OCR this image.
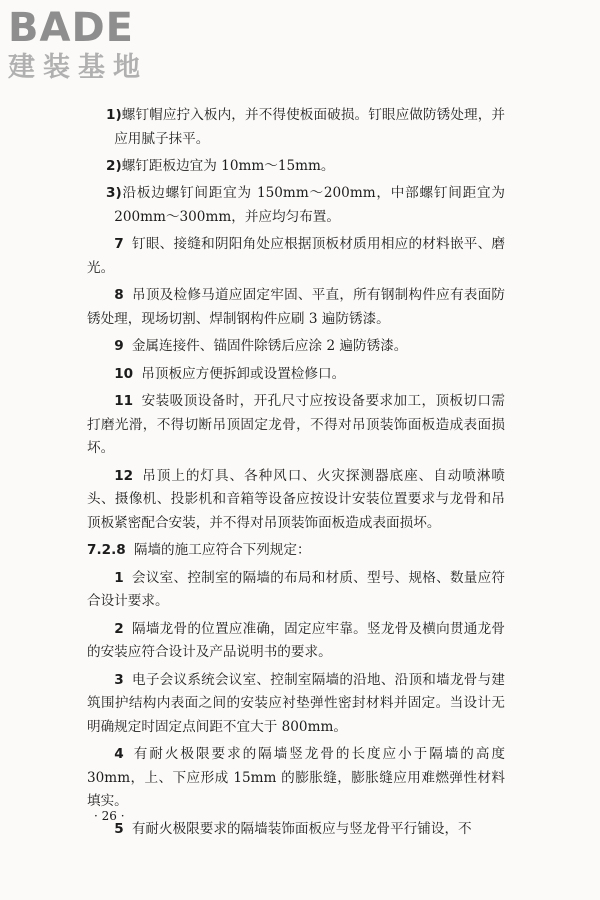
BADE
建装基地

1)螺钉帽应拧入板内，并不得使板面破损。钉眼应做防锈处理，并应用腻子抹平。

2)螺钉距板边宜为 10mm～15mm。

3)沿板边螺钉间距宜为 150mm～200mm，中部螺钉间距宜为 200mm～300mm，并应均匀布置。

7 钉眼、接缝和阴阳角处应根据顶板材质用相应的材料嵌平、磨光。

8 吊顶及检修马道应固定牢固、平直，所有钢制构件应有表面防锈处理，现场切割、焊制钢构件应刷 3 遍防锈漆。

9 金属连接件、锚固件除锈后应涂 2 遍防锈漆。

10 吊顶板应方便拆卸或设置检修口。

11 安装吸顶设备时，开孔尺寸应按设备要求加工，顶板切口需打磨光滑，不得切断吊顶固定龙骨，不得对吊顶装饰面板造成表面损坏。

12 吊顶上的灯具、各种风口、火灾探测器底座、自动喷淋喷头、摄像机、投影机和音箱等设备应按设计安装位置要求与龙骨和吊顶板紧密配合安装，并不得对吊顶装饰面板造成表面损坏。

7.2.8 隔墙的施工应符合下列规定：

1 会议室、控制室的隔墙的布局和材质、型号、规格、数量应符合设计要求。

2 隔墙龙骨的位置应准确，固定应牢靠。竖龙骨及横向贯通龙骨的安装应符合设计及产品说明书的要求。

3 电子会议系统会议室、控制室隔墙的沿地、沿顶和墙龙骨与建筑围护结构内表面之间的安装应衬垫弹性密封材料并固定。当设计无明确规定时固定点间距不宜大于 800mm。

4 有耐火极限要求的隔墙竖龙骨的长度应小于隔墙的高度30mm，上、下应形成 15mm 的膨胀缝，膨胀缝应用难燃弹性材料填实。

5 有耐火极限要求的隔墙装饰面板应与竖龙骨平行铺设，不

· 26 ·
